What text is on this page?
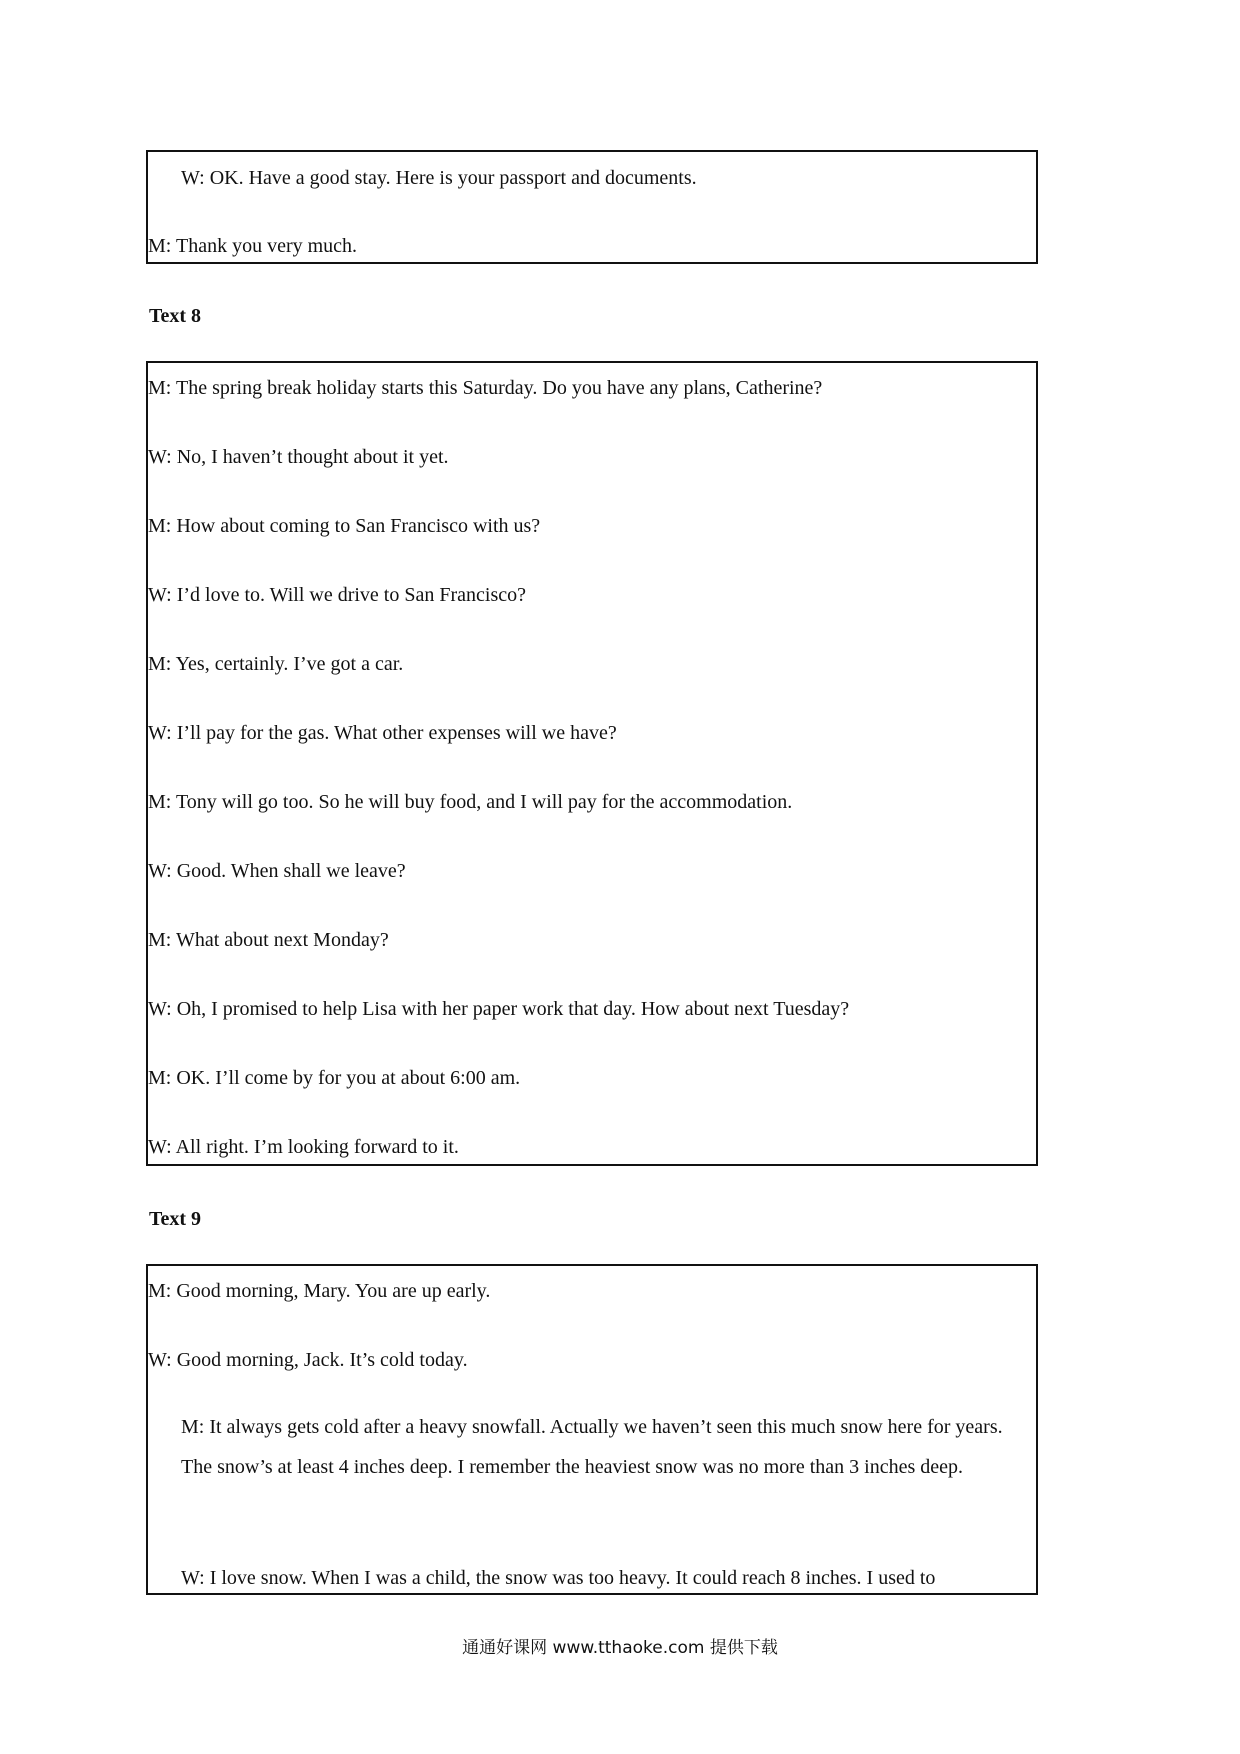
W: OK. Have a good stay. Here is your passport and documents.

M: Thank you very much.

Text 8

M: The spring break holiday starts this Saturday. Do you have any plans, Catherine?

W: No, I haven’t thought about it yet.

M: How about coming to San Francisco with us?

W: I’d love to. Will we drive to San Francisco?

M: Yes, certainly. I’ve got a car.

W: I’ll pay for the gas. What other expenses will we have?

M: Tony will go too. So he will buy food, and I will pay for the accommodation.

W: Good. When shall we leave?

M: What about next Monday?

W: Oh, I promised to help Lisa with her paper work that day. How about next Tuesday?

M: OK. I’ll come by for you at about 6:00 am.

W: All right. I’m looking forward to it.

Text 9

M: Good morning, Mary. You are up early.

W: Good morning, Jack. It’s cold today.

M: It always gets cold after a heavy snowfall. Actually we haven’t seen this much snow here for years. The snow’s at least 4 inches deep. I remember the heaviest snow was no more than 3 inches deep.

W: I love snow. When I was a child, the snow was too heavy. It could reach 8 inches. I used to

通通好课网 www.tthaoke.com 提供下载
